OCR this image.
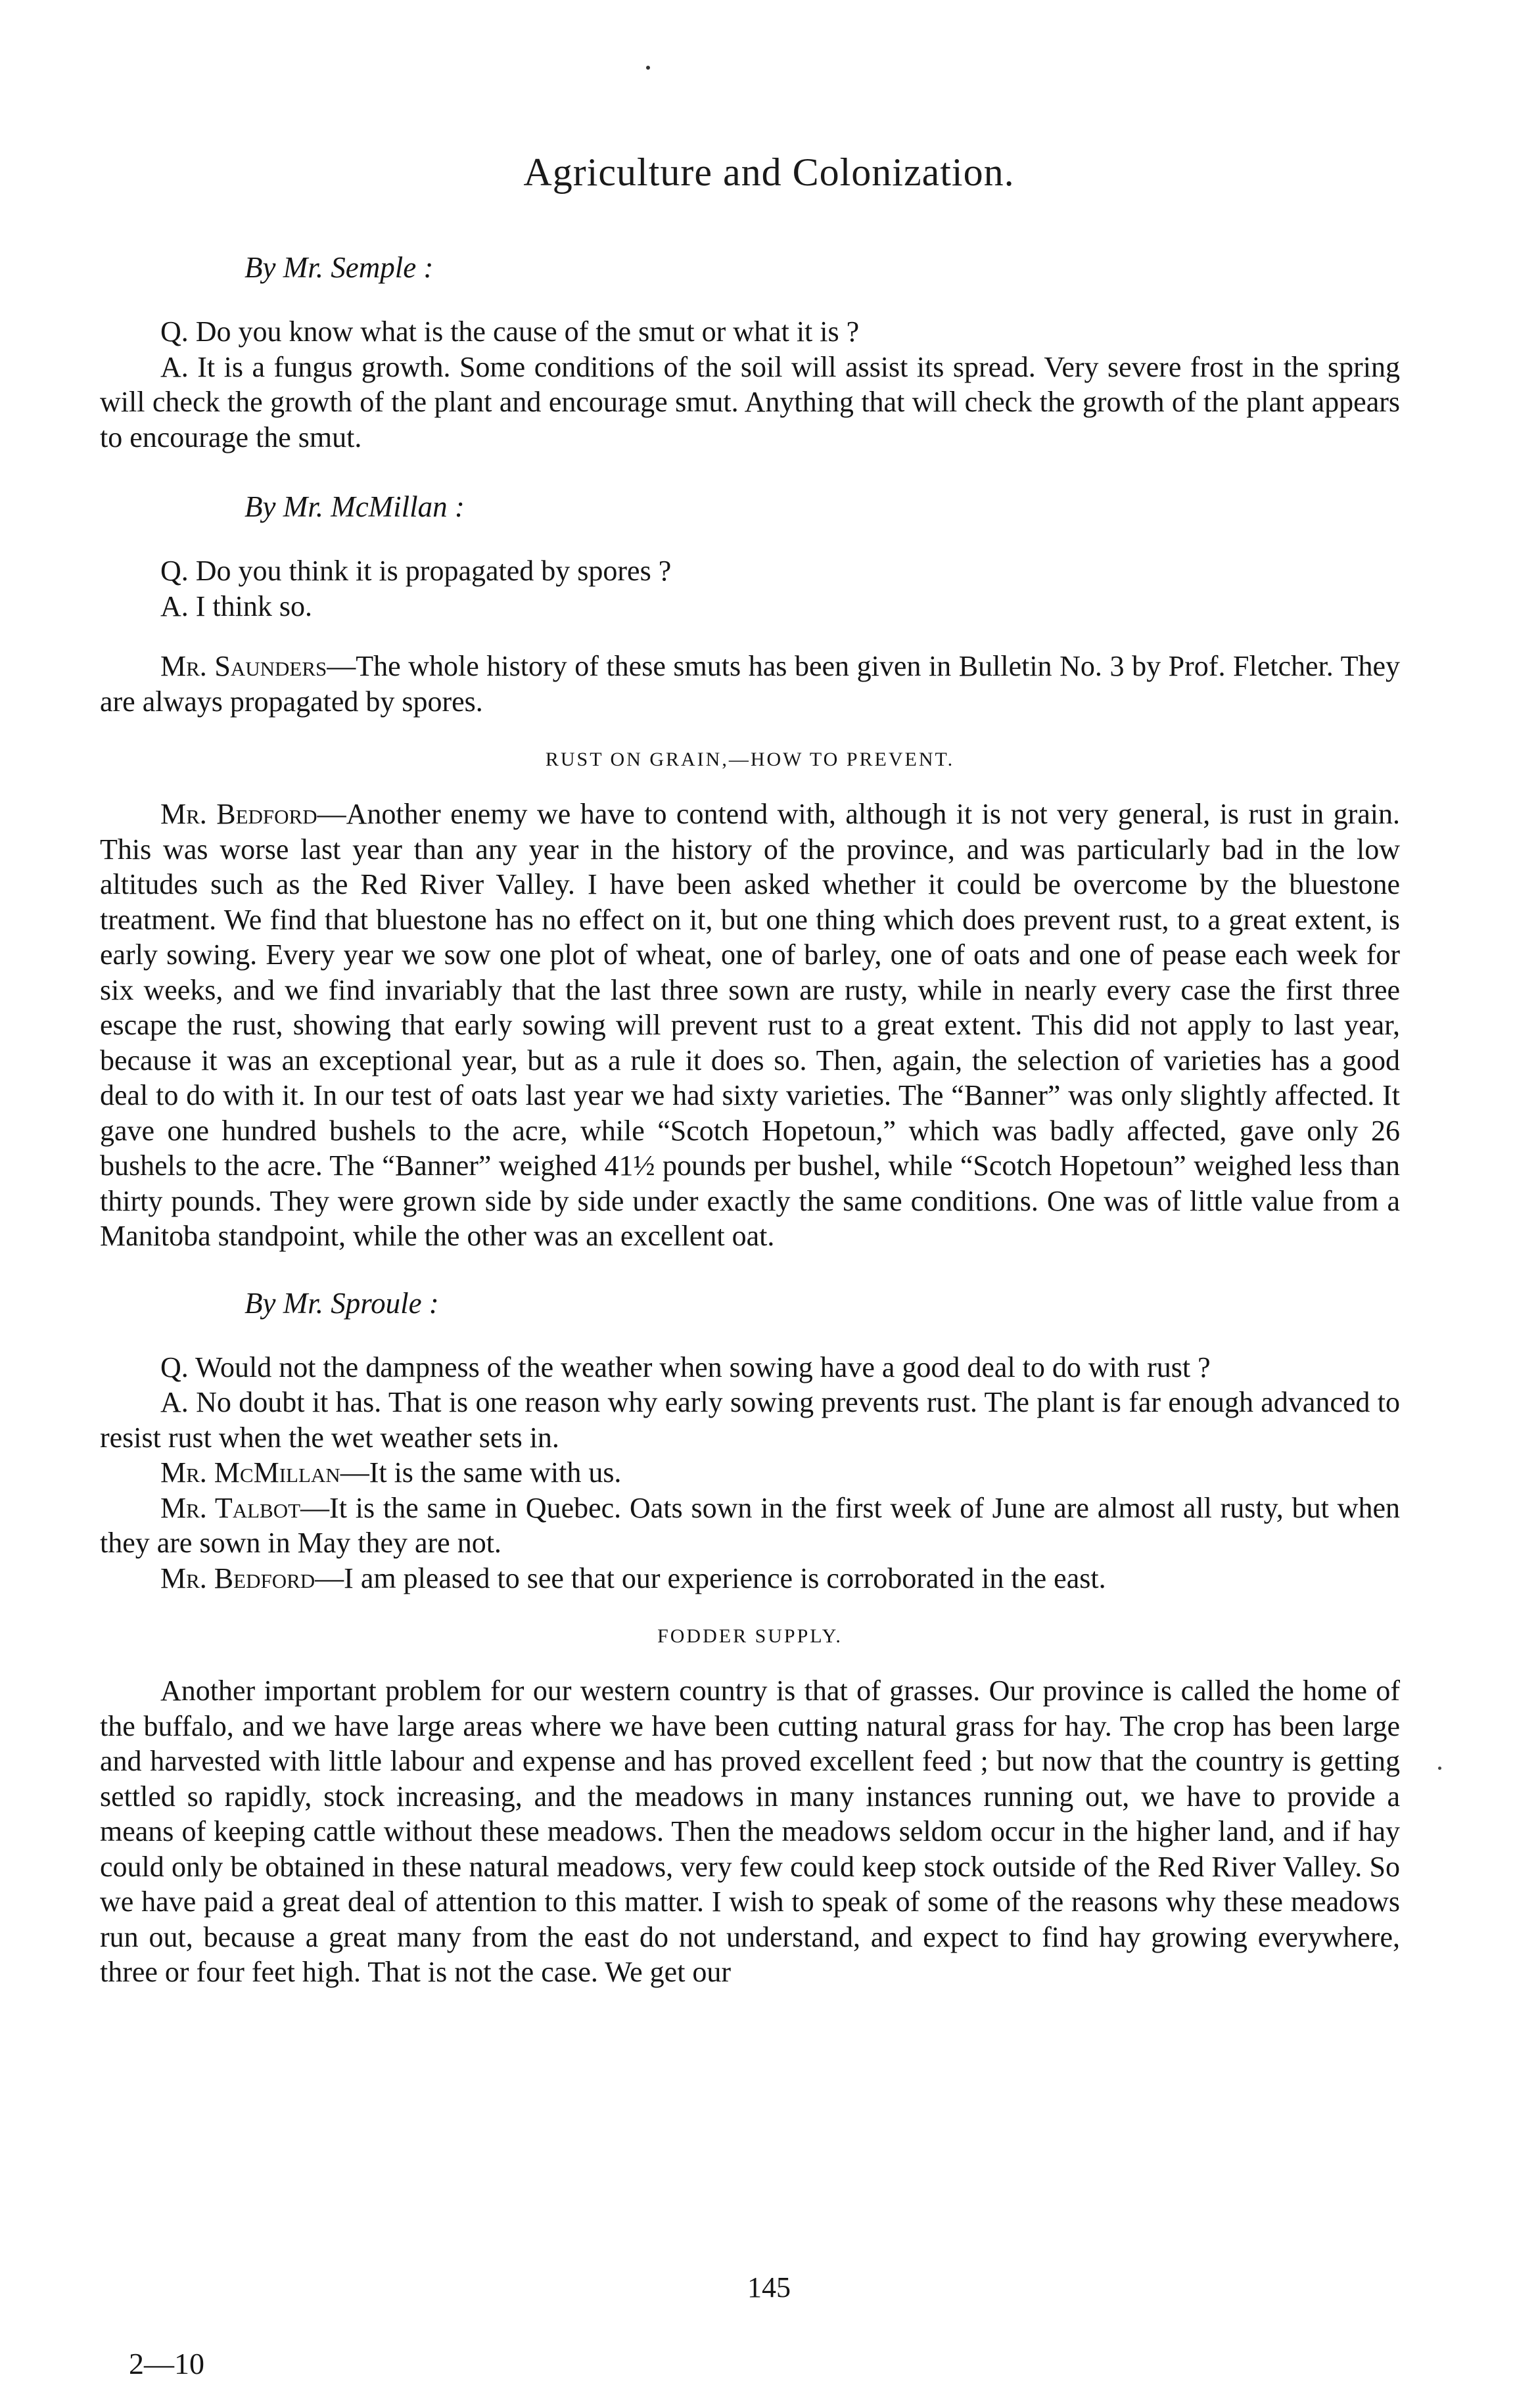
Agriculture and Colonization.

By Mr. Semple :

Q. Do you know what is the cause of the smut or what it is ?

A. It is a fungus growth. Some conditions of the soil will assist its spread. Very severe frost in the spring will check the growth of the plant and encourage smut. Anything that will check the growth of the plant appears to encourage the smut.

By Mr. McMillan :

Q. Do you think it is propagated by spores ?

A. I think so.

Mr. Saunders—The whole history of these smuts has been given in Bulletin No. 3 by Prof. Fletcher. They are always propagated by spores.

RUST ON GRAIN,—HOW TO PREVENT.

Mr. Bedford—Another enemy we have to contend with, although it is not very general, is rust in grain. This was worse last year than any year in the history of the province, and was particularly bad in the low altitudes such as the Red River Valley. I have been asked whether it could be overcome by the bluestone treatment. We find that bluestone has no effect on it, but one thing which does prevent rust, to a great extent, is early sowing. Every year we sow one plot of wheat, one of barley, one of oats and one of pease each week for six weeks, and we find invariably that the last three sown are rusty, while in nearly every case the first three escape the rust, showing that early sowing will prevent rust to a great extent. This did not apply to last year, because it was an exceptional year, but as a rule it does so. Then, again, the selection of varieties has a good deal to do with it. In our test of oats last year we had sixty varieties. The “Banner” was only slightly affected. It gave one hundred bushels to the acre, while “Scotch Hopetoun,” which was badly affected, gave only 26 bushels to the acre. The “Banner” weighed 41½ pounds per bushel, while “Scotch Hopetoun” weighed less than thirty pounds. They were grown side by side under exactly the same conditions. One was of little value from a Manitoba standpoint, while the other was an excellent oat.

By Mr. Sproule :

Q. Would not the dampness of the weather when sowing have a good deal to do with rust ?

A. No doubt it has. That is one reason why early sowing prevents rust. The plant is far enough advanced to resist rust when the wet weather sets in.

Mr. McMillan—It is the same with us.

Mr. Talbot—It is the same in Quebec. Oats sown in the first week of June are almost all rusty, but when they are sown in May they are not.

Mr. Bedford—I am pleased to see that our experience is corroborated in the east.

FODDER SUPPLY.

Another important problem for our western country is that of grasses. Our province is called the home of the buffalo, and we have large areas where we have been cutting natural grass for hay. The crop has been large and harvested with little labour and expense and has proved excellent feed ; but now that the country is getting settled so rapidly, stock increasing, and the meadows in many instances running out, we have to provide a means of keeping cattle without these meadows. Then the meadows seldom occur in the higher land, and if hay could only be obtained in these natural meadows, very few could keep stock outside of the Red River Valley. So we have paid a great deal of attention to this matter. I wish to speak of some of the reasons why these meadows run out, because a great many from the east do not understand, and expect to find hay growing everywhere, three or four feet high. That is not the case. We get our

145
2—10
